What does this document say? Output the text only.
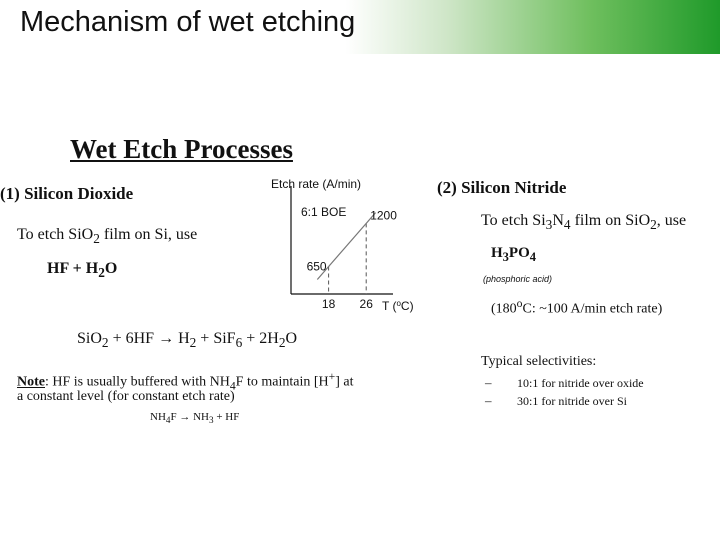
Mechanism of wet etching
Wet Etch Processes
(1) Silicon Dioxide
To etch SiO$_2$ film on Si, use
HF + $H_2O$
$SiO_2 + 6HF \to H_2 + SiF_6 + 2H_2O$
Note: HF is usually buffered with $NH_4F$ to maintain [H+] at
a constant level (for constant etch rate)
$NH_4F \to NH_3$ + HF
Etch rate (A/min)
T ($^o$C)
650
1200
6:1 BOE
18 26
(2) Silicon Nitride
To etch $Si_3N_4$ film on SiO$_2$, use
$H_3PO_4$
(phosphoric acid)
(180$^o$C: ~100 A/min etch rate)
Typical selectivities:
– 10:1 for nitride over oxide
– 30:1 for nitride over Si
